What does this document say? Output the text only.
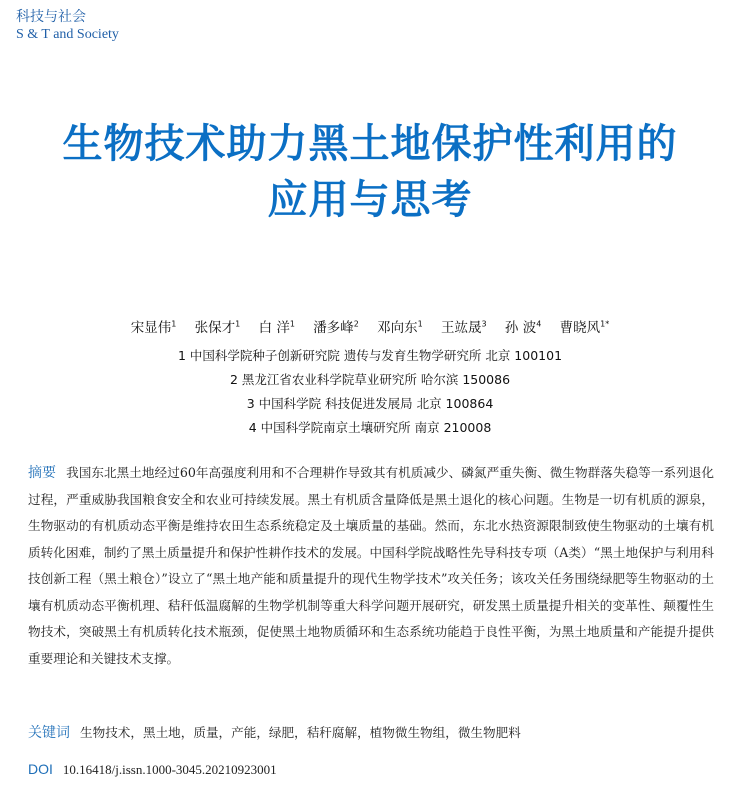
科技与社会
S & T and Society
生物技术助力黑土地保护性利用的
应用与思考
宋显伟$^1$ 张保才$^1$ 白 洋$^1$ 潘多峰$^2$ 邓向东$^1$ 王竑晟$^3$ 孙 波$^4$ 曹晓风$^{1*}$
1 中国科学院种子创新研究院 遗传与发育生物学研究所 北京 100101
2 黑龙江省农业科学院草业研究所 哈尔滨 150086
3 中国科学院 科技促进发展局 北京 100864
4 中国科学院南京土壤研究所 南京 210008
摘要 我国东北黑土地经过60年高强度利用和不合理耕作导致其有机质减少、磷氮严重失衡、微生物群落失稳等一系列退化过程，严重威胁我国粮食安全和农业可持续发展。黑土有机质含量降低是黑土退化的核心问题。生物是一切有机质的源泉，生物驱动的有机质动态平衡是维持农田生态系统稳定及土壤质量的基础。然而，东北水热资源限制致使生物驱动的土壤有机质转化困难，制约了黑土质量提升和保护性耕作技术的发展。中国科学院战略性先导科技专项（A类）“黑土地保护与利用科技创新工程（黑土粮仓）”设立了“黑土地产能和质量提升的现代生物学技术”攻关任务；该攻关任务围绕绿肥等生物驱动的土壤有机质动态平衡机理、秸秆低温腐解的生物学机制等重大科学问题开展研究，研发黑土质量提升相关的变革性、颠覆性生物技术，突破黑土有机质转化技术瓶颈，促使黑土地物质循环和生态系统功能趋于良性平衡，为黑土地质量和产能提升提供重要理论和关键技术支撑。
关键词 生物技术，黑土地，质量，产能，绿肥，秸秆腐解，植物微生物组，微生物肥料
DOI 10.16418/j.issn.1000-3045.20210923001
